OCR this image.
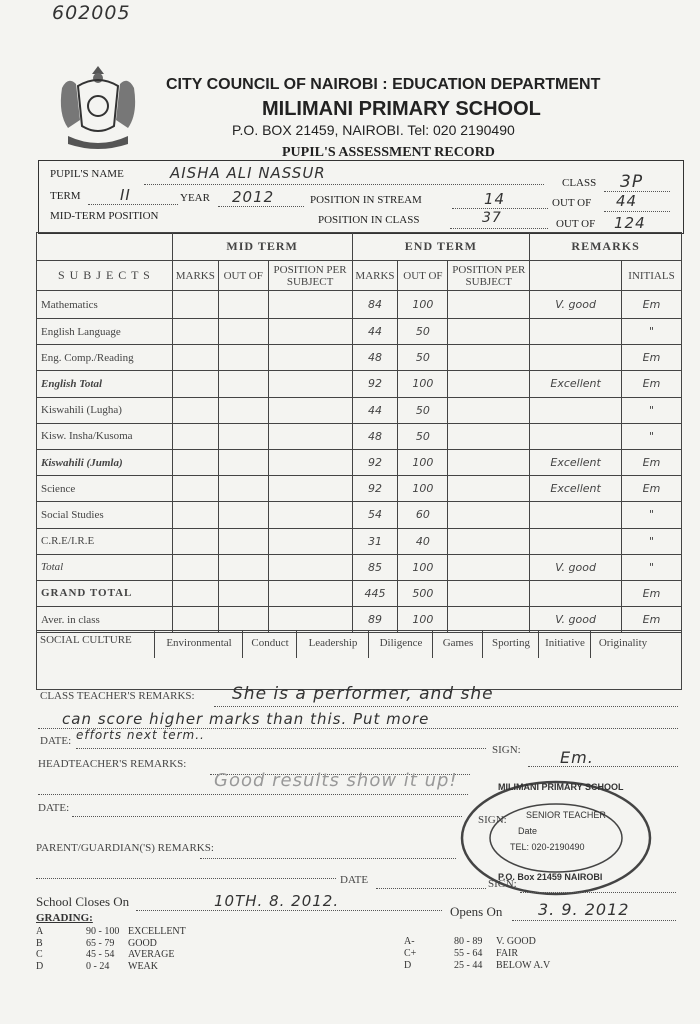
602005
CITY COUNCIL OF NAIROBI : EDUCATION DEPARTMENT
MILIMANI PRIMARY SCHOOL
P.O. BOX 21459, NAIROBI. Tel: 020 2190490
PUPIL'S ASSESSMENT RECORD
PUPIL'S NAME	AISHA ALI NASSUR
CLASS 3P
TERM	II	YEAR 2012	POSITION IN STREAM	14	OUT OF 44
MID-TERM POSITION	POSITION IN CLASS	37	OUT OF 124
	MID TERM			END TERM			REMARKS	
S U B J E C T S	MARKS	OUT OF	POSITION PER SUBJECT	MARKS	OUT OF	POSITION PER SUBJECT		INITIALS
Mathematics				84	100		V. good	Em
English Language				44	50			"
Eng. Comp./Reading				48	50			Em
English Total				92	100		Excellent	Em
Kiswahili (Lugha)				44	50			"
Kisw. Insha/Kusoma				48	50			"
Kiswahili (Jumla)				92	100		Excellent	Em
Science				92	100		Excellent	Em
Social Studies				54	60			"
C.R.E/I.R.E				31	40			"
Total				85	100		V. good	"
GRAND TOTAL				445	500			Em
Aver. in class				89	100		V. good	Em
SOCIAL CULTURE	Environmental	Conduct	Leadership	Diligence	Games	Sporting	Initiative	Originality
CLASS TEACHER'S REMARKS: She is a performer, and she
can score higher marks than this. Put more
DATE: efforts next term..
SIGN: Em.
HEADTEACHER'S REMARKS:
Good results show it up!
DATE:
SIGN:
MILIMANI PRIMARY SCHOOL
SENIOR TEACHER
Date
TEL: 020-2190490
P.O. Box 21459 NAIROBI
PARENT/GUARDIAN('S) REMARKS:
DATE	SIGN:
School Closes On	10TH. 8. 2012.
Opens On 3. 9. 2012
GRADING:
A	90 - 100 EXCELLENT
B	65 - 79 GOOD
C	45 - 54 AVERAGE
D	0 - 24 WEAK
A-	80 - 89 V. GOOD
C+	55 - 64 FAIR
D	25 - 44 BELOW A.V
